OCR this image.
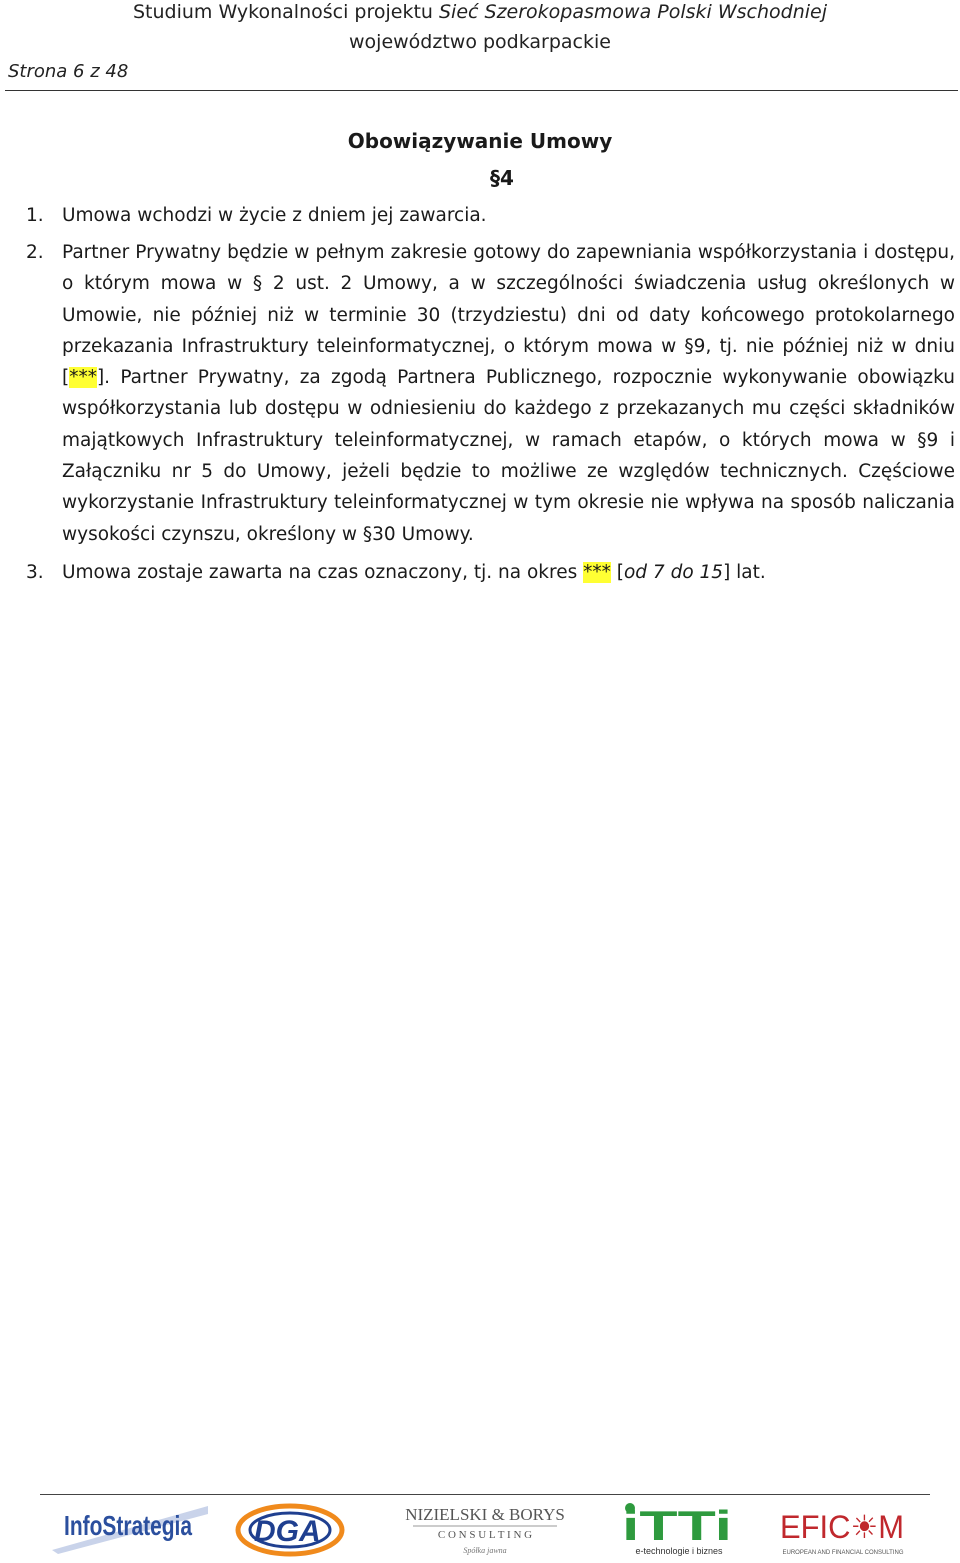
Studium Wykonalności projektu Sieć Szerokopasmowa Polski Wschodniej
województwo podkarpackie
Strona 6 z 48
Obowiązywanie Umowy
§4
1. Umowa wchodzi w życie z dniem jej zawarcia.
2. Partner Prywatny będzie w pełnym zakresie gotowy do zapewniania współkorzystania i dostępu, o którym mowa w § 2 ust. 2 Umowy, a w szczególności świadczenia usług określonych w Umowie, nie później niż w terminie 30 (trzydziestu) dni od daty końcowego protokolarnego przekazania Infrastruktury teleinformatycznej, o którym mowa w §9, tj. nie później niż w dniu [***]. Partner Prywatny, za zgodą Partnera Publicznego, rozpocznie wykonywanie obowiązku współkorzystania lub dostępu w odniesieniu do każdego z przekazanych mu części składników majątkowych Infrastruktury teleinformatycznej, w ramach etapów, o których mowa w §9 i Załączniku nr 5 do Umowy, jeżeli będzie to możliwe ze względów technicznych. Częściowe wykorzystanie Infrastruktury teleinformatycznej w tym okresie nie wpływa na sposób naliczania wysokości czynszu, określony w §30 Umowy.
3. Umowa zostaje zawarta na czas oznaczony, tj. na okres *** [od 7 do 15] lat.
InfoStrategia DGA
NIZIELSKI & BORYS
C O N S U L T I N G
Spółka jawna
iTTi
e-technologie i biznes
EFIC☀M
EUROPEAN AND FINANCIAL CONSULTING
